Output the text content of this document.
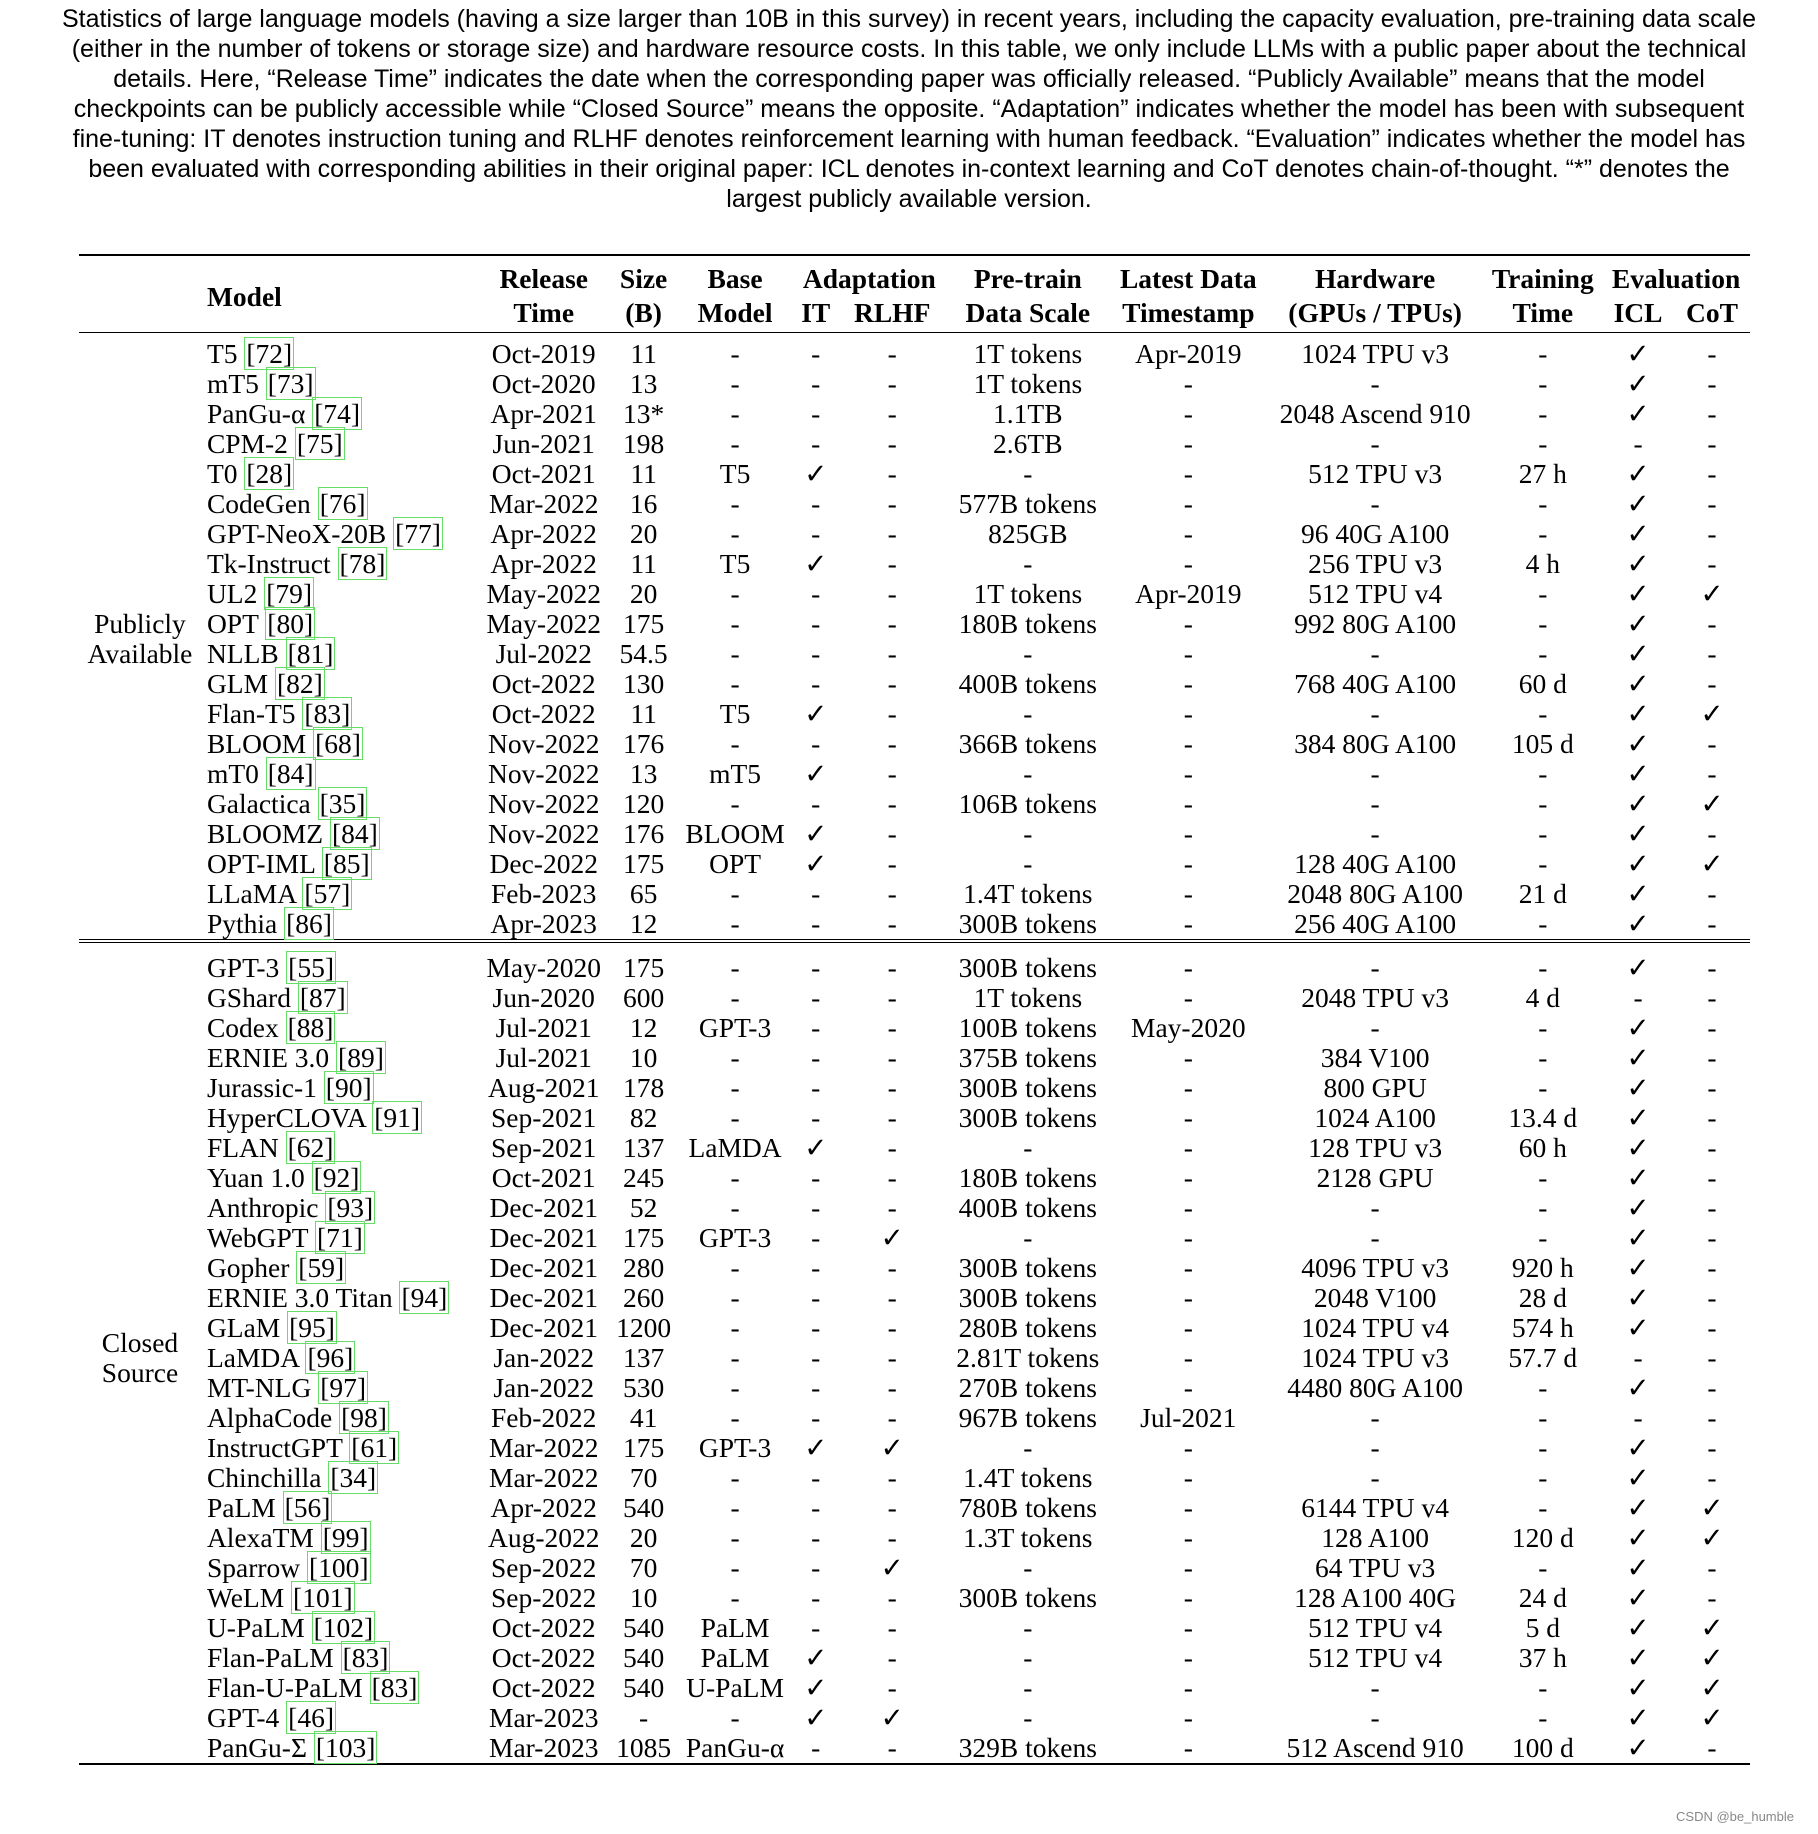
Statistics of large language models (having a size larger than 10B in this survey) in recent years, including the capacity evaluation, pre-training data scale (either in the number of tokens or storage size) and hardware resource costs. In this table, we only include LLMs with a public paper about the technical details. Here, “Release Time” indicates the date when the corresponding paper was officially released. “Publicly Available” means that the model checkpoints can be publicly accessible while “Closed Source” means the opposite. “Adaptation” indicates whether the model has been with subsequent fine-tuning: IT denotes instruction tuning and RLHF denotes reinforcement learning with human feedback. “Evaluation” indicates whether the model has been evaluated with corresponding abilities in their original paper: ICL denotes in-context learning and CoT denotes chain-of-thought. “*” denotes the largest publicly available version.
	Model	Release	Size	Base	Adaptation		Pre-train	Latest Data	Hardware	Training	Evaluation	
		Time	(B)	Model	IT	RLHF	Data Scale	Timestamp	(GPUs / TPUs)	Time	ICL	CoT

Publicly
Available	T5 [72]	Oct-2019	11	-	-	-	1T tokens	Apr-2019	1024 TPU v3	-	✓	-
	mT5 [73]	Oct-2020	13	-	-	-	1T tokens	-	-	-	✓	-
	PanGu-α [74]	Apr-2021	13*	-	-	-	1.1TB	-	2048 Ascend 910	-	✓	-
	CPM-2 [75]	Jun-2021	198	-	-	-	2.6TB	-	-	-	-	-
	T0 [28]	Oct-2021	11	T5	✓	-	-	-	512 TPU v3	27 h	✓	-
	CodeGen [76]	Mar-2022	16	-	-	-	577B tokens	-	-	-	✓	-
	GPT-NeoX-20B [77]	Apr-2022	20	-	-	-	825GB	-	96 40G A100	-	✓	-
	Tk-Instruct [78]	Apr-2022	11	T5	✓	-	-	-	256 TPU v3	4 h	✓	-
	UL2 [79]	May-2022	20	-	-	-	1T tokens	Apr-2019	512 TPU v4	-	✓	✓
	OPT [80]	May-2022	175	-	-	-	180B tokens	-	992 80G A100	-	✓	-
	NLLB [81]	Jul-2022	54.5	-	-	-	-	-	-	-	✓	-
	GLM [82]	Oct-2022	130	-	-	-	400B tokens	-	768 40G A100	60 d	✓	-
	Flan-T5 [83]	Oct-2022	11	T5	✓	-	-	-	-	-	✓	✓
	BLOOM [68]	Nov-2022	176	-	-	-	366B tokens	-	384 80G A100	105 d	✓	-
	mT0 [84]	Nov-2022	13	mT5	✓	-	-	-	-	-	✓	-
	Galactica [35]	Nov-2022	120	-	-	-	106B tokens	-	-	-	✓	✓
	BLOOMZ [84]	Nov-2022	176	BLOOM	✓	-	-	-	-	-	✓	-
	OPT-IML [85]	Dec-2022	175	OPT	✓	-	-	-	128 40G A100	-	✓	✓
	LLaMA [57]	Feb-2023	65	-	-	-	1.4T tokens	-	2048 80G A100	21 d	✓	-
	Pythia [86]	Apr-2023	12	-	-	-	300B tokens	-	256 40G A100	-	✓	-

Closed
Source	GPT-3 [55]	May-2020	175	-	-	-	300B tokens	-	-	-	✓	-
	GShard [87]	Jun-2020	600	-	-	-	1T tokens	-	2048 TPU v3	4 d	-	-
	Codex [88]	Jul-2021	12	GPT-3	-	-	100B tokens	May-2020	-	-	✓	-
	ERNIE 3.0 [89]	Jul-2021	10	-	-	-	375B tokens	-	384 V100	-	✓	-
	Jurassic-1 [90]	Aug-2021	178	-	-	-	300B tokens	-	800 GPU	-	✓	-
	HyperCLOVA [91]	Sep-2021	82	-	-	-	300B tokens	-	1024 A100	13.4 d	✓	-
	FLAN [62]	Sep-2021	137	LaMDA	✓	-	-	-	128 TPU v3	60 h	✓	-
	Yuan 1.0 [92]	Oct-2021	245	-	-	-	180B tokens	-	2128 GPU	-	✓	-
	Anthropic [93]	Dec-2021	52	-	-	-	400B tokens	-	-	-	✓	-
	WebGPT [71]	Dec-2021	175	GPT-3	-	✓	-	-	-	-	✓	-
	Gopher [59]	Dec-2021	280	-	-	-	300B tokens	-	4096 TPU v3	920 h	✓	-
	ERNIE 3.0 Titan [94]	Dec-2021	260	-	-	-	300B tokens	-	2048 V100	28 d	✓	-
	GLaM [95]	Dec-2021	1200	-	-	-	280B tokens	-	1024 TPU v4	574 h	✓	-
	LaMDA [96]	Jan-2022	137	-	-	-	2.81T tokens	-	1024 TPU v3	57.7 d	-	-
	MT-NLG [97]	Jan-2022	530	-	-	-	270B tokens	-	4480 80G A100	-	✓	-
	AlphaCode [98]	Feb-2022	41	-	-	-	967B tokens	Jul-2021	-	-	-	-
	InstructGPT [61]	Mar-2022	175	GPT-3	✓	✓	-	-	-	-	✓	-
	Chinchilla [34]	Mar-2022	70	-	-	-	1.4T tokens	-	-	-	✓	-
	PaLM [56]	Apr-2022	540	-	-	-	780B tokens	-	6144 TPU v4	-	✓	✓
	AlexaTM [99]	Aug-2022	20	-	-	-	1.3T tokens	-	128 A100	120 d	✓	✓
	Sparrow [100]	Sep-2022	70	-	-	✓	-	-	64 TPU v3	-	✓	-
	WeLM [101]	Sep-2022	10	-	-	-	300B tokens	-	128 A100 40G	24 d	✓	-
	U-PaLM [102]	Oct-2022	540	PaLM	-	-	-	-	512 TPU v4	5 d	✓	✓
	Flan-PaLM [83]	Oct-2022	540	PaLM	✓	-	-	-	512 TPU v4	37 h	✓	✓
	Flan-U-PaLM [83]	Oct-2022	540	U-PaLM	✓	-	-	-	-	-	✓	✓
	GPT-4 [46]	Mar-2023	-	-	✓	✓	-	-	-	-	✓	✓
	PanGu-Σ [103]	Mar-2023	1085	PanGu-α	-	-	329B tokens	-	512 Ascend 910	100 d	✓	-
CSDN @be_humble
